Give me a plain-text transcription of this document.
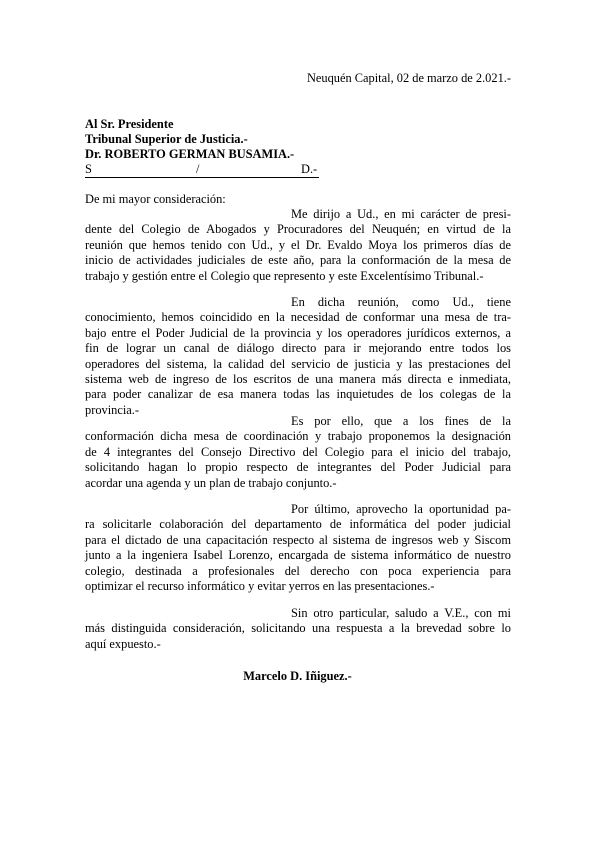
Neuquén Capital, 02 de marzo de 2.021.-
Al Sr. Presidente
Tribunal Superior de Justicia.-
Dr. ROBERTO GERMAN BUSAMIA.-
S	/	D.-
De mi mayor consideración:
Me dirijo a Ud., en mi carácter de presi-
dente del Colegio de Abogados y Procuradores del Neuquén; en virtud de la
reunión que hemos tenido con Ud., y el Dr. Evaldo Moya los primeros días de
inicio de actividades judiciales de este año, para la conformación de la mesa de
trabajo y gestión entre el Colegio que represento y este Excelentísimo Tribunal.-
En dicha reunión, como Ud., tiene
conocimiento, hemos coincidido en la necesidad de conformar una mesa de tra-
bajo entre el Poder Judicial de la provincia y los operadores jurídicos externos, a
fin de lograr un canal de diálogo directo para ir mejorando entre todos los
operadores del sistema, la calidad del servicio de justicia y las prestaciones del
sistema web de ingreso de los escritos de una manera más directa e inmediata,
para poder canalizar de esa manera todas las inquietudes de los colegas de la
provincia.-
Es por ello, que a los fines de la
conformación dicha mesa de coordinación y trabajo proponemos la designación
de 4 integrantes del Consejo Directivo del Colegio para el inicio del trabajo,
solicitando hagan lo propio respecto de integrantes del Poder Judicial para
acordar una agenda y un plan de trabajo conjunto.-
Por último, aprovecho la oportunidad pa-
ra solicitarle colaboración del departamento de informática del poder judicial
para el dictado de una capacitación respecto al sistema de ingresos web y Siscom
junto a la ingeniera Isabel Lorenzo, encargada de sistema informático de nuestro
colegio, destinada a profesionales del derecho con poca experiencia para
optimizar el recurso informático y evitar yerros en las presentaciones.-
Sin otro particular, saludo a V.E., con mi
más distinguida consideración, solicitando una respuesta a la brevedad sobre lo
aquí expuesto.-
Marcelo D. Iñiguez.-
